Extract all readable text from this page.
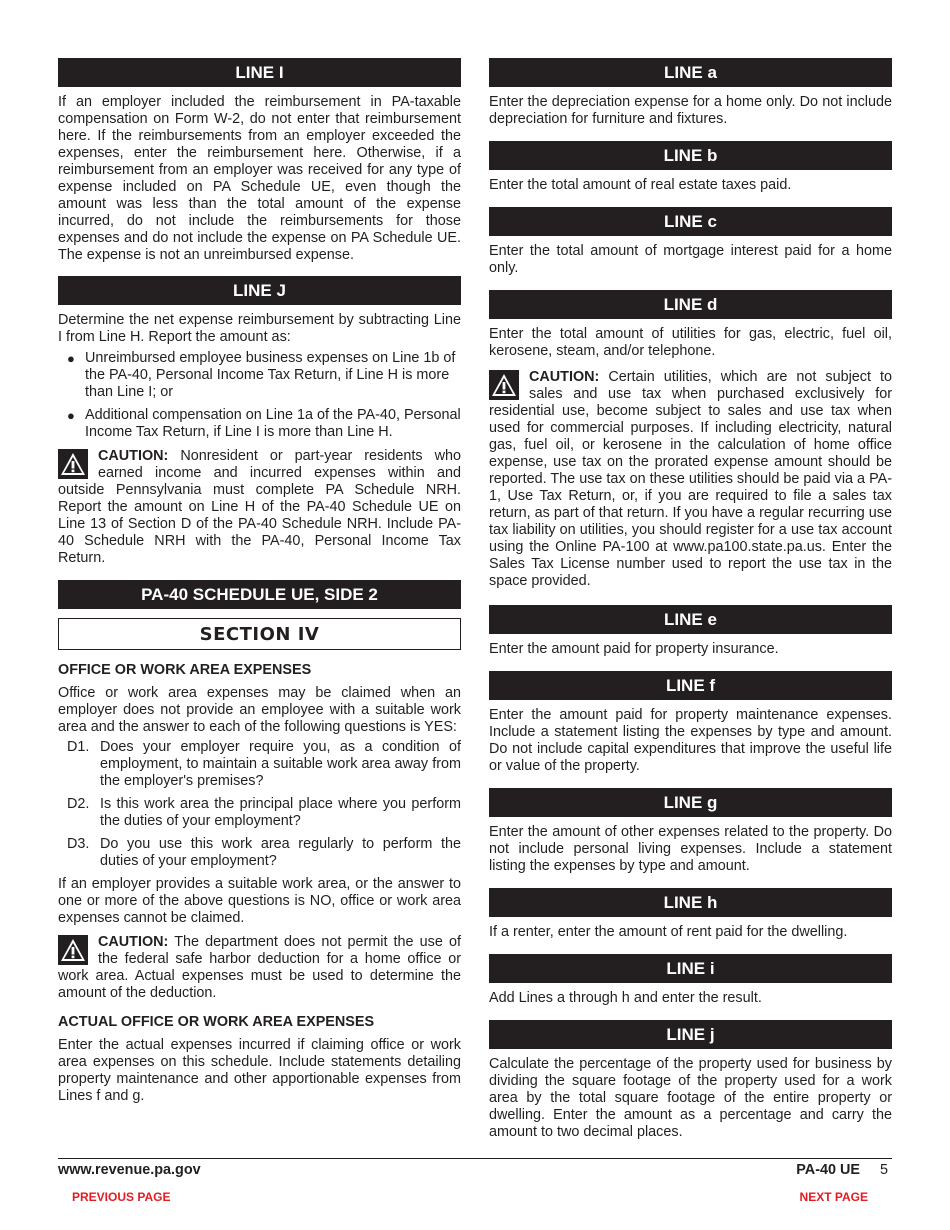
LINE I

If an employer included the reimbursement in PA-taxable compensation on Form W-2, do not enter that reimbursement here. If the reimbursements from an employer exceeded the expenses, enter the reimbursement here. Otherwise, if a reimbursement from an employer was received for any type of expense included on PA Schedule UE, even though the amount was less than the total amount of the expense incurred, do not include the reimbursements for those expenses and do not include the expense on PA Schedule UE. The expense is not an unreimbursed expense.

LINE J

Determine the net expense reimbursement by subtracting Line I from Line H. Report the amount as:

● Unreimbursed employee business expenses on Line 1b of the PA-40, Personal Income Tax Return, if Line H is more than Line I; or
● Additional compensation on Line 1a of the PA-40, Personal Income Tax Return, if Line I is more than Line H.
CAUTION: Nonresident or part-year residents who earned income and incurred expenses within and outside Pennsylvania must complete PA Schedule NRH. Report the amount on Line H of the PA-40 Schedule UE on Line 13 of Section D of the PA-40 Schedule NRH. Include PA-40 Schedule NRH with the PA-40, Personal Income Tax Return.
PA-40 SCHEDULE UE, SIDE 2
SECTION IV
OFFICE OR WORK AREA EXPENSES

Office or work area expenses may be claimed when an employer does not provide an employee with a suitable work area and the answer to each of the following questions is YES:

D1. Does your employer require you, as a condition of employment, to maintain a suitable work area away from the employer's premises?
D2. Is this work area the principal place where you perform the duties of your employment?
D3. Do you use this work area regularly to perform the duties of your employment?

If an employer provides a suitable work area, or the answer to one or more of the above questions is NO, office or work area expenses cannot be claimed.

CAUTION: The department does not permit the use of the federal safe harbor deduction for a home office or work area. Actual expenses must be used to determine the amount of the deduction.
ACTUAL OFFICE OR WORK AREA EXPENSES

Enter the actual expenses incurred if claiming office or work area expenses on this schedule. Include statements detailing property maintenance and other apportionable expenses from Lines f and g.

LINE a

Enter the depreciation expense for a home only. Do not include depreciation for furniture and fixtures.

LINE b

Enter the total amount of real estate taxes paid.

LINE c

Enter the total amount of mortgage interest paid for a home only.

LINE d

Enter the total amount of utilities for gas, electric, fuel oil, kerosene, steam, and/or telephone.

CAUTION: Certain utilities, which are not subject to sales and use tax when purchased exclusively for residential use, become subject to sales and use tax when used for commercial purposes. If including electricity, natural gas, fuel oil, or kerosene in the calculation of home office expense, use tax on the prorated expense amount should be reported. The use tax on these utilities should be paid via a PA-1, Use Tax Return, or, if you are required to file a sales tax return, as part of that return. If you have a regular recurring use tax liability on utilities, you should register for a use tax account using the Online PA-100 at www.pa100.state.pa.us. Enter the Sales Tax License number used to report the use tax in the space provided.
LINE e

Enter the amount paid for property insurance.

LINE f

Enter the amount paid for property maintenance expenses. Include a statement listing the expenses by type and amount. Do not include capital expenditures that improve the useful life or value of the property.

LINE g

Enter the amount of other expenses related to the property. Do not include personal living expenses. Include a statement listing the expenses by type and amount.

LINE h

If a renter, enter the amount of rent paid for the dwelling.

LINE i

Add Lines a through h and enter the result.

LINE j

Calculate the percentage of the property used for business by dividing the square footage of the property used for a work area by the total square footage of the entire property or dwelling. Enter the amount as a percentage and carry the amount to two decimal places.

www.revenue.pa.gov	PA-40 UE 5
PREVIOUS PAGE	NEXT PAGE
